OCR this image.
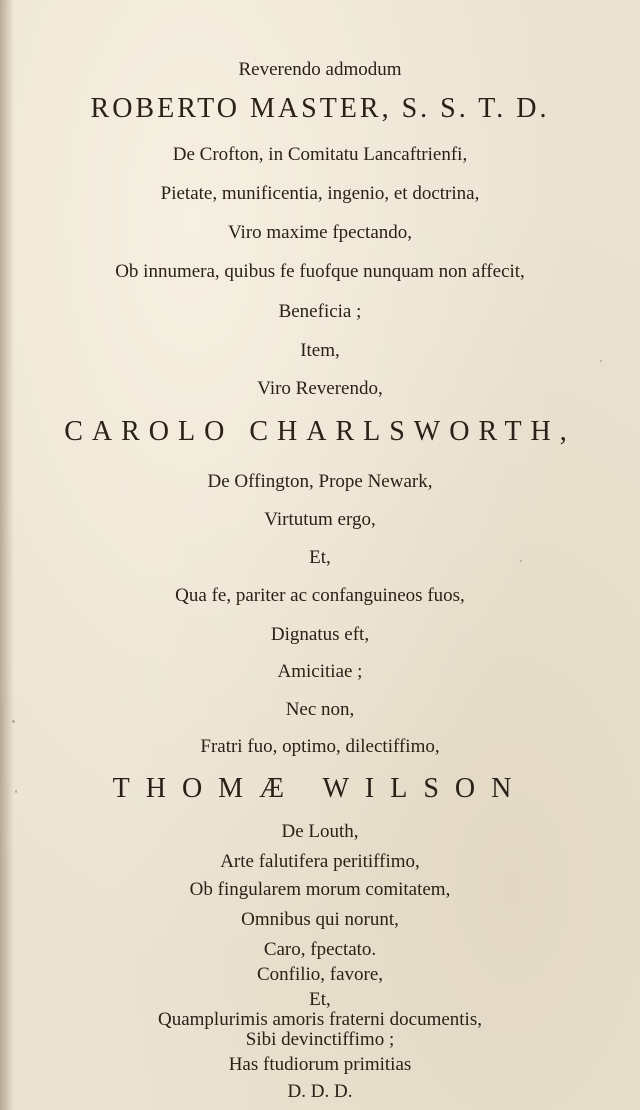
Reverendo admodum
ROBERTO MASTER, S. S. T. D.
De Crofton, in Comitatu Lancaftrienfi,
Pietate, munificentia, ingenio, et doctrina,
Viro maxime fpectando,
Ob innumera, quibus fe fuofque nunquam non affecit,
Beneficia ;
Item,
Viro Reverendo,
CAROLO CHARLSWORTH,
De Offington, Prope Newark,
Virtutum ergo,
Et,
Qua fe, pariter ac confanguineos fuos,
Dignatus eft,
Amicitiae ;
Nec non,
Fratri fuo, optimo, dilectiffimo,
THOMÆ WILSON
De Louth,
Arte falutifera peritiffimo,
Ob fingularem morum comitatem,
Omnibus qui norunt,
Caro, fpectato.
Confilio, favore,
Et,
Quamplurimis amoris fraterni documentis,
Sibi devinctiffimo ;
Has ftudiorum primitias
D. D. D.
